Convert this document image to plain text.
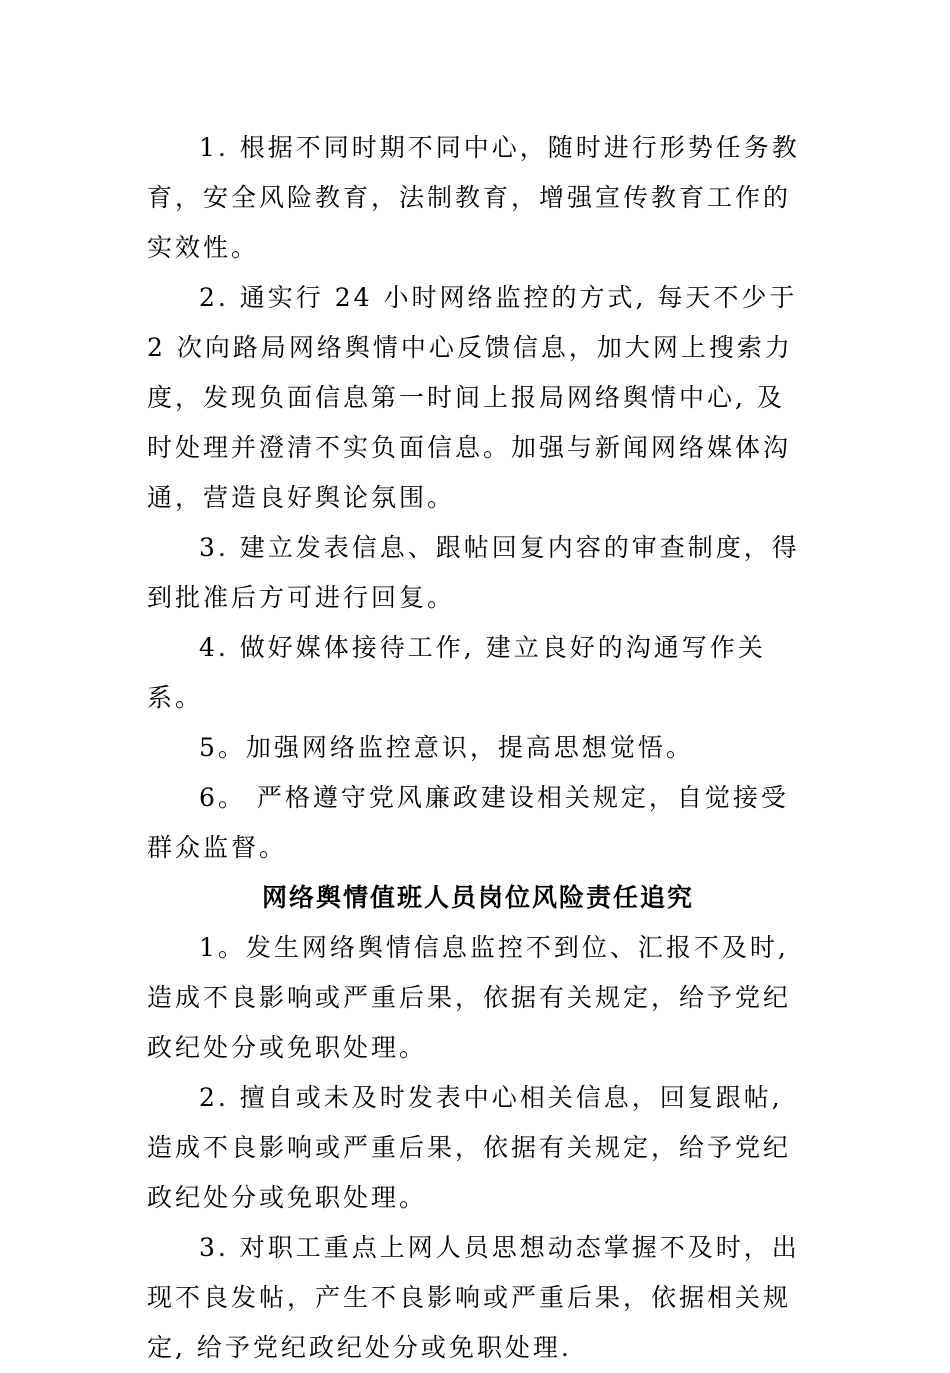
1. 根据不同时期不同中心，随时进行形势任务教育，安全风险教育，法制教育，增强宣传教育工作的实效性。

2. 通实行 24 小时网络监控的方式, 每天不少于 2 次向路局网络舆情中心反馈信息，加大网上搜索力度，发现负面信息第一时间上报局网络舆情中心, 及时处理并澄清不实负面信息。加强与新闻网络媒体沟通，营造良好舆论氛围。

3. 建立发表信息、跟帖回复内容的审查制度，得到批准后方可进行回复。

4. 做好媒体接待工作, 建立良好的沟通写作关系。

5。加强网络监控意识，提高思想觉悟。

6。 严格遵守党风廉政建设相关规定，自觉接受群众监督。

网络舆情值班人员岗位风险责任追究

1。发生网络舆情信息监控不到位、汇报不及时, 造成不良影响或严重后果，依据有关规定，给予党纪政纪处分或免职处理。

2. 擅自或未及时发表中心相关信息，回复跟帖, 造成不良影响或严重后果，依据有关规定，给予党纪政纪处分或免职处理。

3. 对职工重点上网人员思想动态掌握不及时，出现不良发帖，产生不良影响或严重后果，依据相关规定, 给予党纪政纪处分或免职处理.
